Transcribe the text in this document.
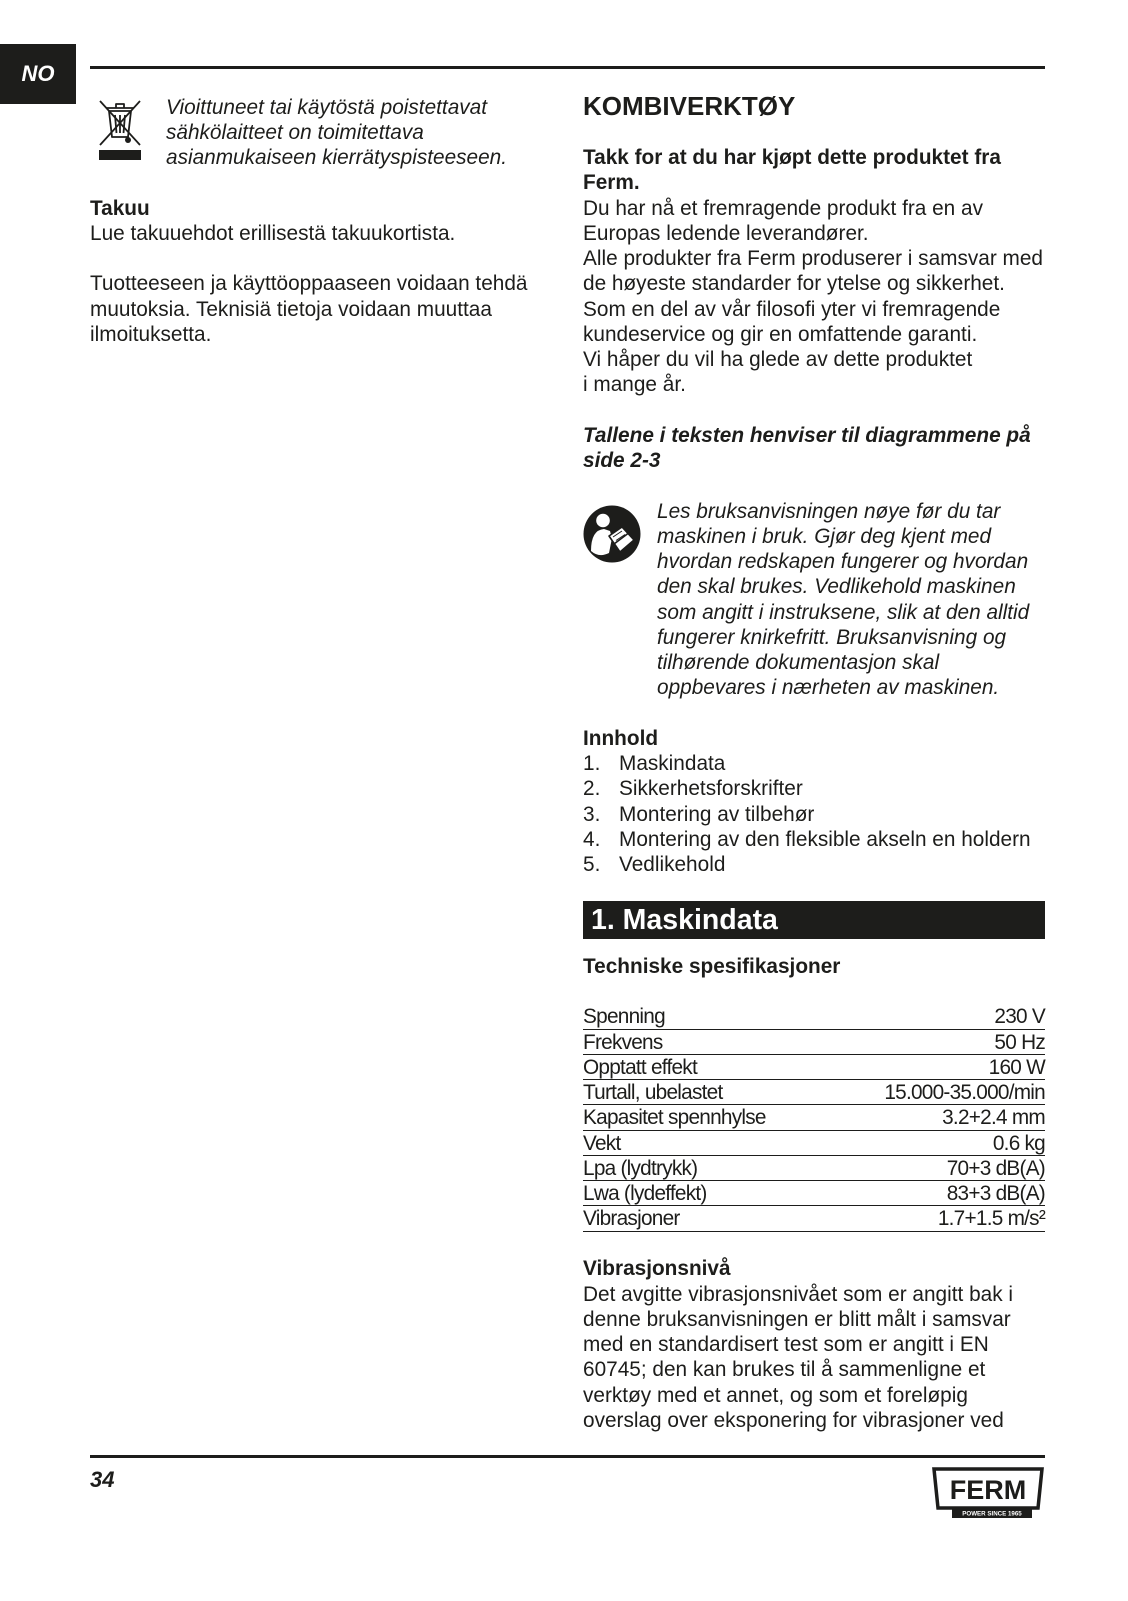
NO

Vioittuneet tai käytöstä poistettavat
sähkölaitteet on toimitettava
asianmukaiseen kierrätyspisteeseen.

Takuu

Lue takuuehdot erillisestä takuukortista.

Tuotteeseen ja käyttöoppaaseen voidaan tehdä
muutoksia. Teknisiä tietoja voidaan muuttaa
ilmoituksetta.

KOMBIVERKTØY

Takk for at du har kjøpt dette produktet fra
Ferm.

Du har nå et fremragende produkt fra en av
Europas ledende leverandører.

Alle produkter fra Ferm produserer i samsvar med
de høyeste standarder for ytelse og sikkerhet.
Som en del av vår filosofi yter vi fremragende
kundeservice og gir en omfattende garanti.
Vi håper du vil ha glede av dette produktet
i mange år.

Tallene i teksten henviser til diagrammene på
side 2-3

Les bruksanvisningen nøye før du tar
maskinen i bruk. Gjør deg kjent med
hvordan redskapen fungerer og hvordan
den skal brukes. Vedlikehold maskinen
som angitt i instruksene, slik at den alltid
fungerer knirkefritt. Bruksanvisning og
tilhørende dokumentasjon skal
oppbevares i nærheten av maskinen.

Innhold

1. Maskindata
2. Sikkerhetsforskrifter
3. Montering av tilbehør
4. Montering av den fleksible akseln en holdern
5. Vedlikehold
1. Maskindata

Techniske spesifikasjoner

Spenning	230 V
Frekvens	50 Hz
Opptatt effekt	160 W
Turtall, ubelastet	15.000-35.000/min
Kapasitet spennhylse	3.2+2.4 mm
Vekt	0.6 kg
Lpa (lydtrykk)	70+3 dB(A)
Lwa (lydeffekt)	83+3 dB(A)
Vibrasjoner	1.7+1.5 m/s²

Vibrasjonsnivå

Det avgitte vibrasjonsnivået som er angitt bak i
denne bruksanvisningen er blitt målt i samsvar
med en standardisert test som er angitt i EN
60745; den kan brukes til å sammenligne et
verktøy med et annet, og som et foreløpig
overslag over eksponering for vibrasjoner ved

34	FERM
POWER SINCE 1965
